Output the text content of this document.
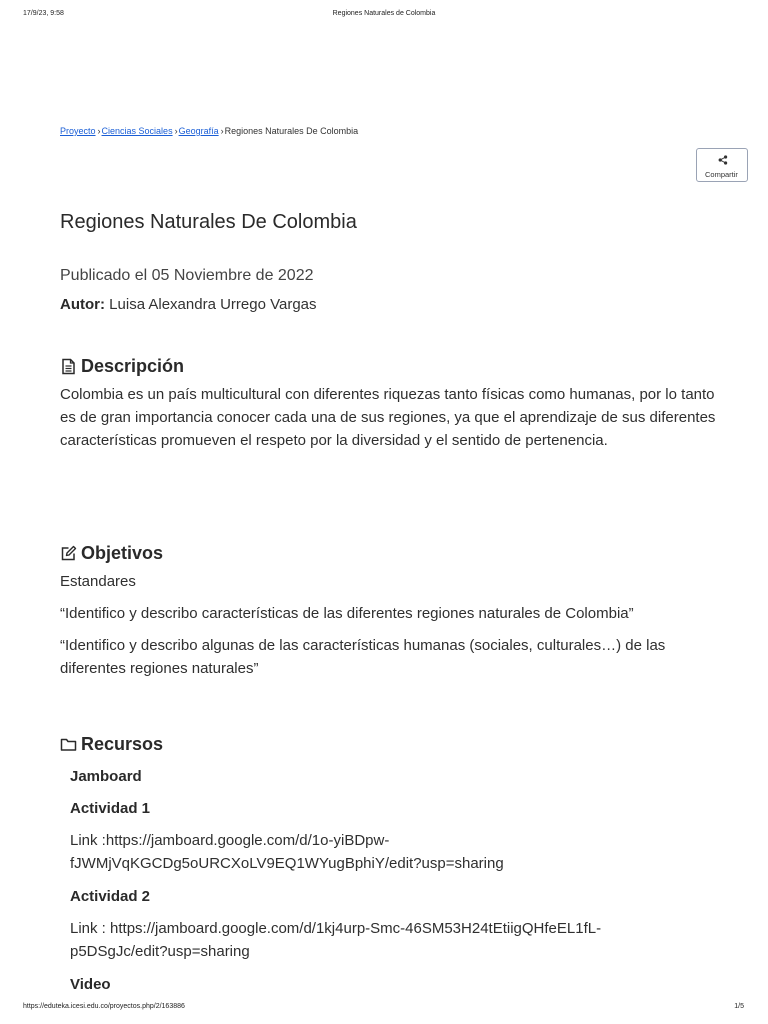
17/9/23, 9:58	Regiones Naturales de Colombia
Proyecto ›Ciencias Sociales ›Geografía ›Regiones Naturales De Colombia
Compartir
Regiones Naturales De Colombia
Publicado el 05 Noviembre de 2022
Autor: Luisa Alexandra Urrego Vargas
Descripción

Colombia es un país multicultural con diferentes riquezas tanto físicas como humanas, por lo tanto es de gran importancia conocer cada una de sus regiones, ya que el aprendizaje de sus diferentes características promueven el respeto por la diversidad y el sentido de pertenencia.

Objetivos

Estandares

“Identifico y describo características de las diferentes regiones naturales de Colombia”

“Identifico y describo algunas de las características humanas (sociales, culturales…) de las diferentes regiones naturales”

Recursos

Jamboard

Actividad 1

Link :https://jamboard.google.com/d/1o-yiBDpw-fJWMjVqKGCDg5oURCXoLV9EQ1WYugBphiY/edit?usp=sharing

Actividad 2

Link : https://jamboard.google.com/d/1kj4urp-Smc-46SM53H24tEtiigQHfeEL1fL-p5DSgJc/edit?usp=sharing

Video

https://eduteka.icesi.edu.co/proyectos.php/2/163886	1/5
